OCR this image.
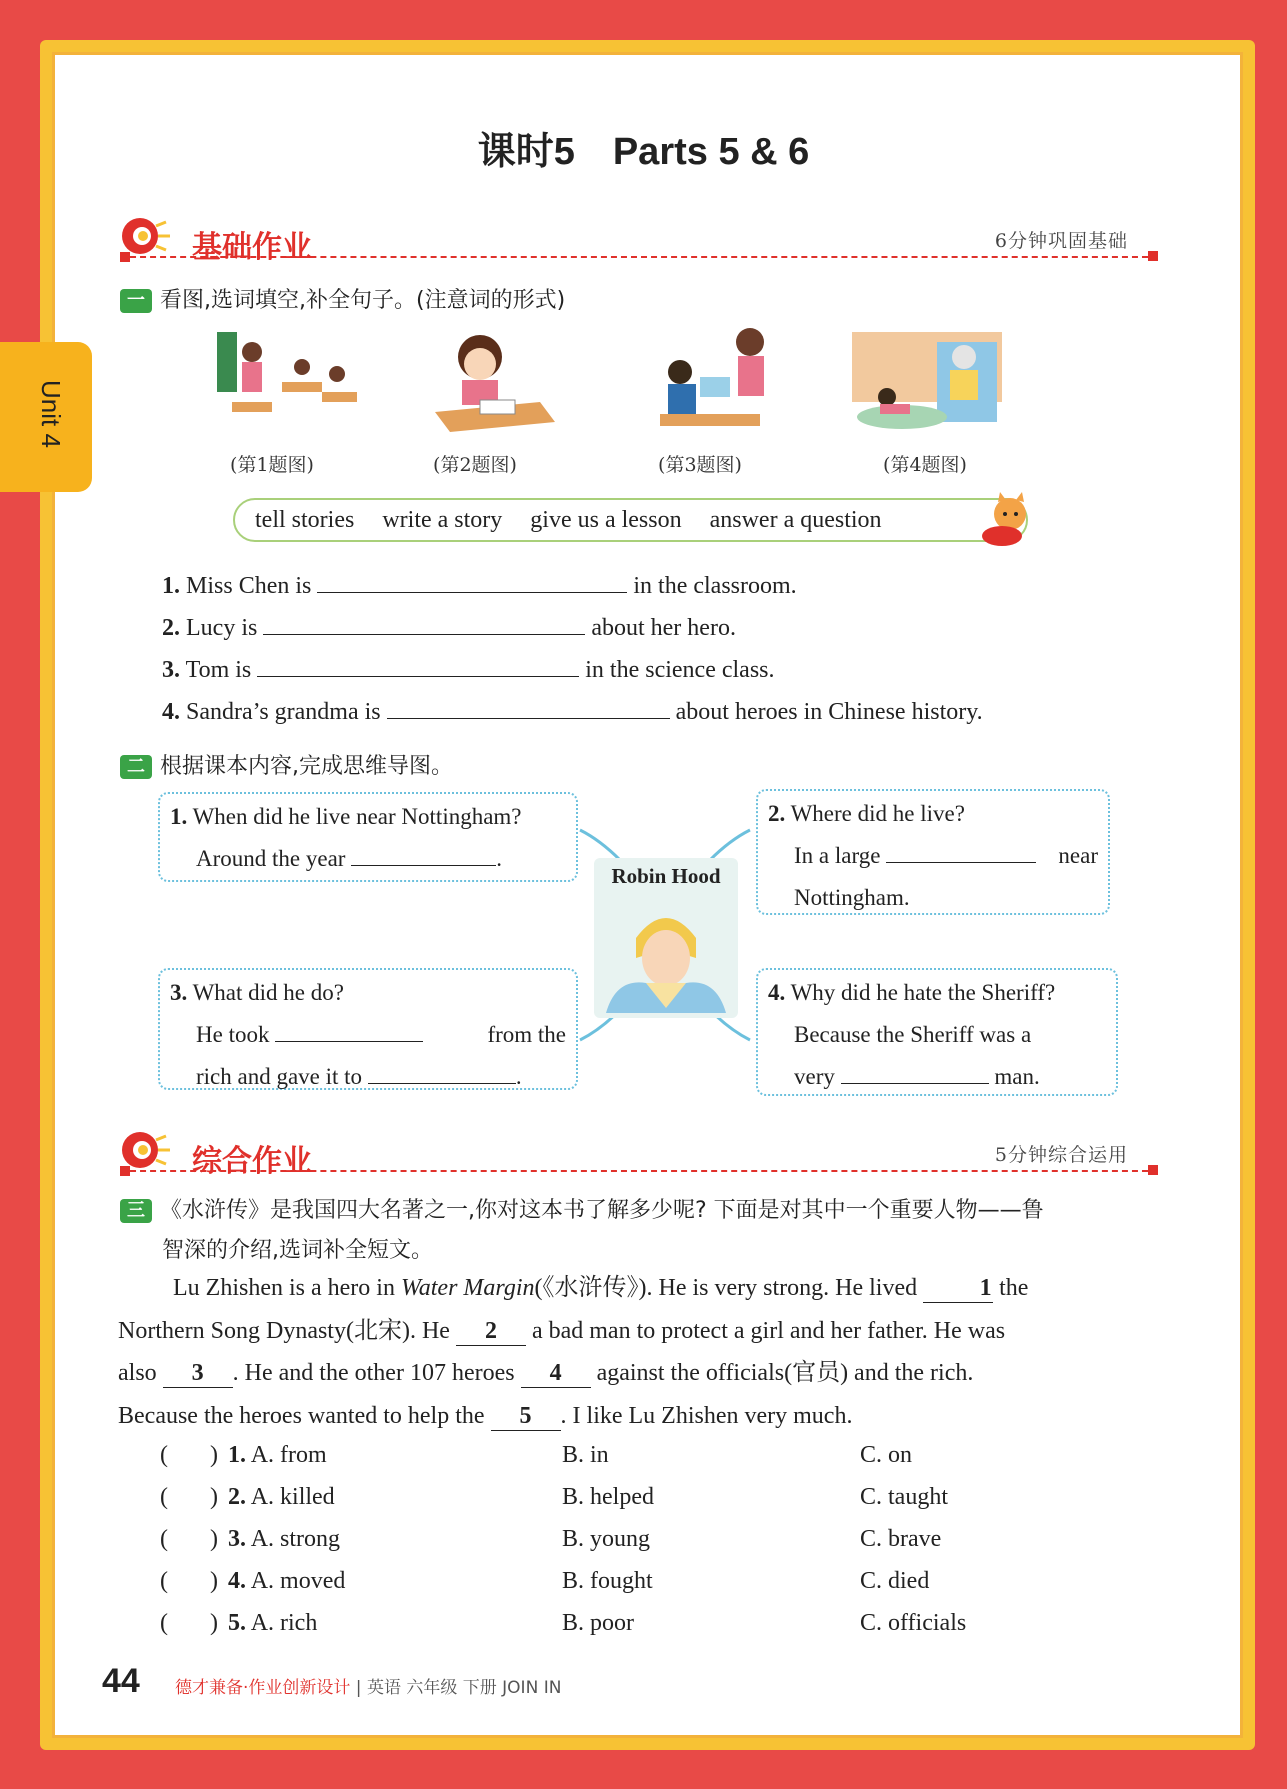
Unit 4
课时5　Parts 5 & 6
基础作业	6分钟巩固基础
一 看图,选词填空,补全句子。(注意词的形式)
(第1题图)	(第2题图)	(第3题图)	(第4题图)
tell stories write a story give us a lesson answer a question
1. Miss Chen is	in the classroom.
2. Lucy is	about her hero.
3. Tom is	in the science class.
4. Sandra’s grandma is	about heroes in Chinese history.
二 根据课本内容,完成思维导图。
1. When did he live near Nottingham?
Around the year	.
2. Where did he live?
In a large	near
Nottingham.
Robin Hood
3. What did he do?
He took	from the
rich and gave it to	.
4. Why did he hate the Sheriff?
Because the Sheriff was a
very	man.
综合作业	5分钟综合运用
三 《水浒传》是我国四大名著之一,你对这本书了解多少呢? 下面是对其中一个重要人物——鲁
智深的介绍,选词补全短文。
Lu Zhishen is a hero in Water Margin(《水浒传》). He is very strong. He lived 1 the
Northern Song Dynasty(北宋). He 2 a bad man to protect a girl and her father. He was
also 3 . He and the other 107 heroes 4 against the officials(官员) and the rich.
Because the heroes wanted to help the 5 . I like Lu Zhishen very much.
(       ) 1. A. from	B. in	C. on
(       ) 2. A. killed	B. helped	C. taught
(       ) 3. A. strong	B. young	C. brave
(       ) 4. A. moved	B. fought	C. died
(       ) 5. A. rich	B. poor	C. officials
44 德才兼备·作业创新设计 | 英语 六年级 下册 JOIN IN
